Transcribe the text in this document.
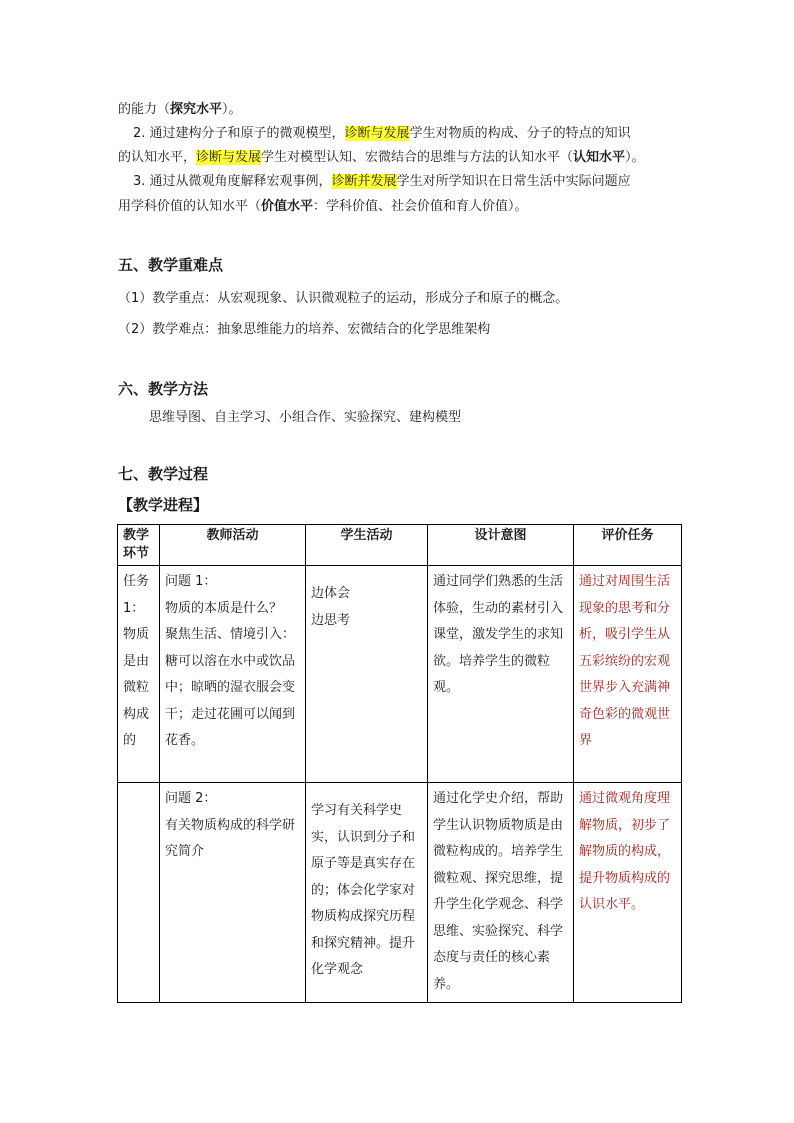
的能力（探究水平）。
2. 通过建构分子和原子的微观模型，诊断与发展学生对物质的构成、分子的特点的知识
的认知水平，诊断与发展学生对模型认知、宏微结合的思维与方法的认知水平（认知水平）。
3. 通过从微观角度解释宏观事例，诊断并发展学生对所学知识在日常生活中实际问题应
用学科价值的认知水平（价值水平：学科价值、社会价值和育人价值）。
五、教学重难点
（1）教学重点：从宏观现象、认识微观粒子的运动，形成分子和原子的概念。
（2）教学难点：抽象思维能力的培养、宏微结合的化学思维架构
六、教学方法
思维导图、自主学习、小组合作、实验探究、建构模型
七、教学过程
【教学进程】
教学环节	教师活动	学生活动	设计意图	评价任务
任务1：物质是由微粒构成的	问题 1：
物质的本质是什么？
聚焦生活、情境引入：糖可以溶在水中或饮品中；晾晒的湿衣服会变干；走过花圃可以闻到花香。	边体会
边思考	通过同学们熟悉的生活体验，生动的素材引入课堂，激发学生的求知欲。培养学生的微粒观。	通过对周围生活现象的思考和分析，吸引学生从五彩缤纷的宏观世界步入充满神奇色彩的微观世界

	问题 2：
有关物质构成的科学研究简介	学习有关科学史实，认识到分子和原子等是真实存在的；体会化学家对物质构成探究历程和探究精神。提升化学观念	通过化学史介绍，帮助学生认识物质物质是由微粒构成的。培养学生微粒观、探究思维，提升学生化学观念、科学思维、实验探究、科学态度与责任的核心素养。	通过微观角度理解物质，初步了解物质的构成，提升物质构成的认识水平。
